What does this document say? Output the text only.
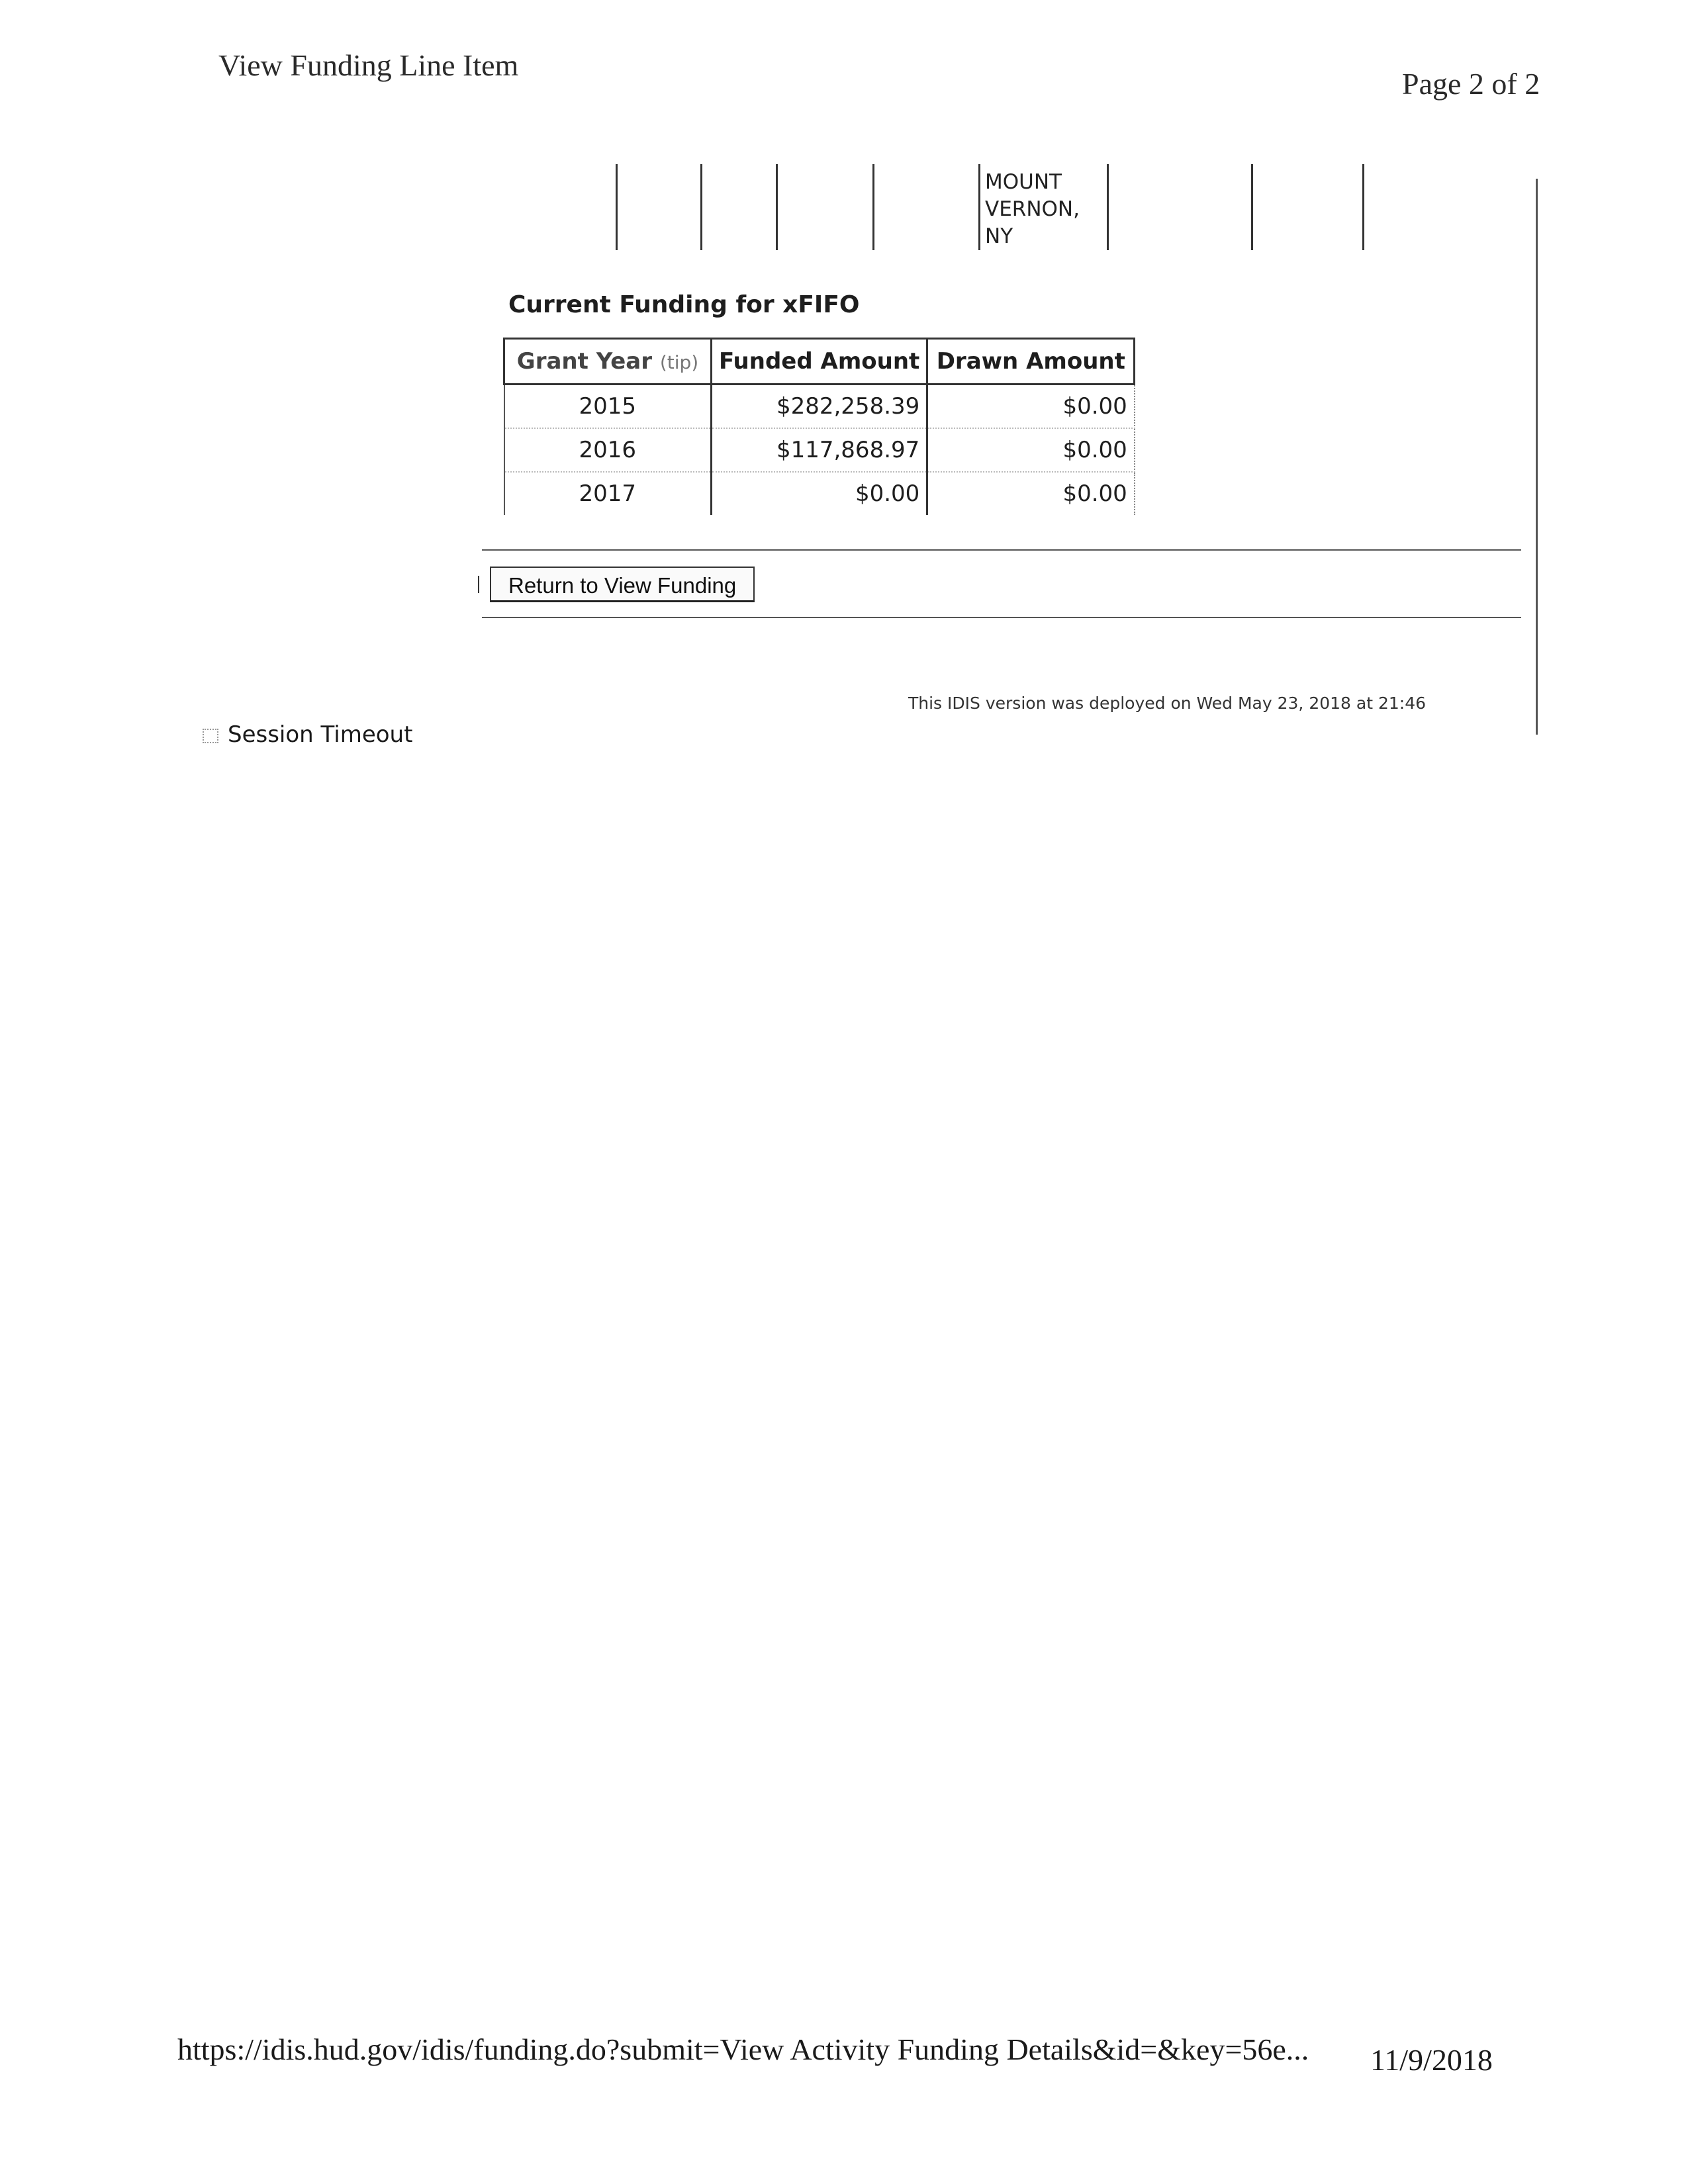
View Funding Line Item
Page 2 of 2
MOUNT
VERNON,
NY
Current Funding for xFIFO
Grant Year (tip)	Funded Amount	Drawn Amount
2015	$282,258.39	$0.00
2016	$117,868.97	$0.00
2017	$0.00	$0.00
Return to View Funding
This IDIS version was deployed on Wed May 23, 2018 at 21:46
Session Timeout
https://idis.hud.gov/idis/funding.do?submit=View Activity Funding Details&id=&key=56e... 11/9/2018
